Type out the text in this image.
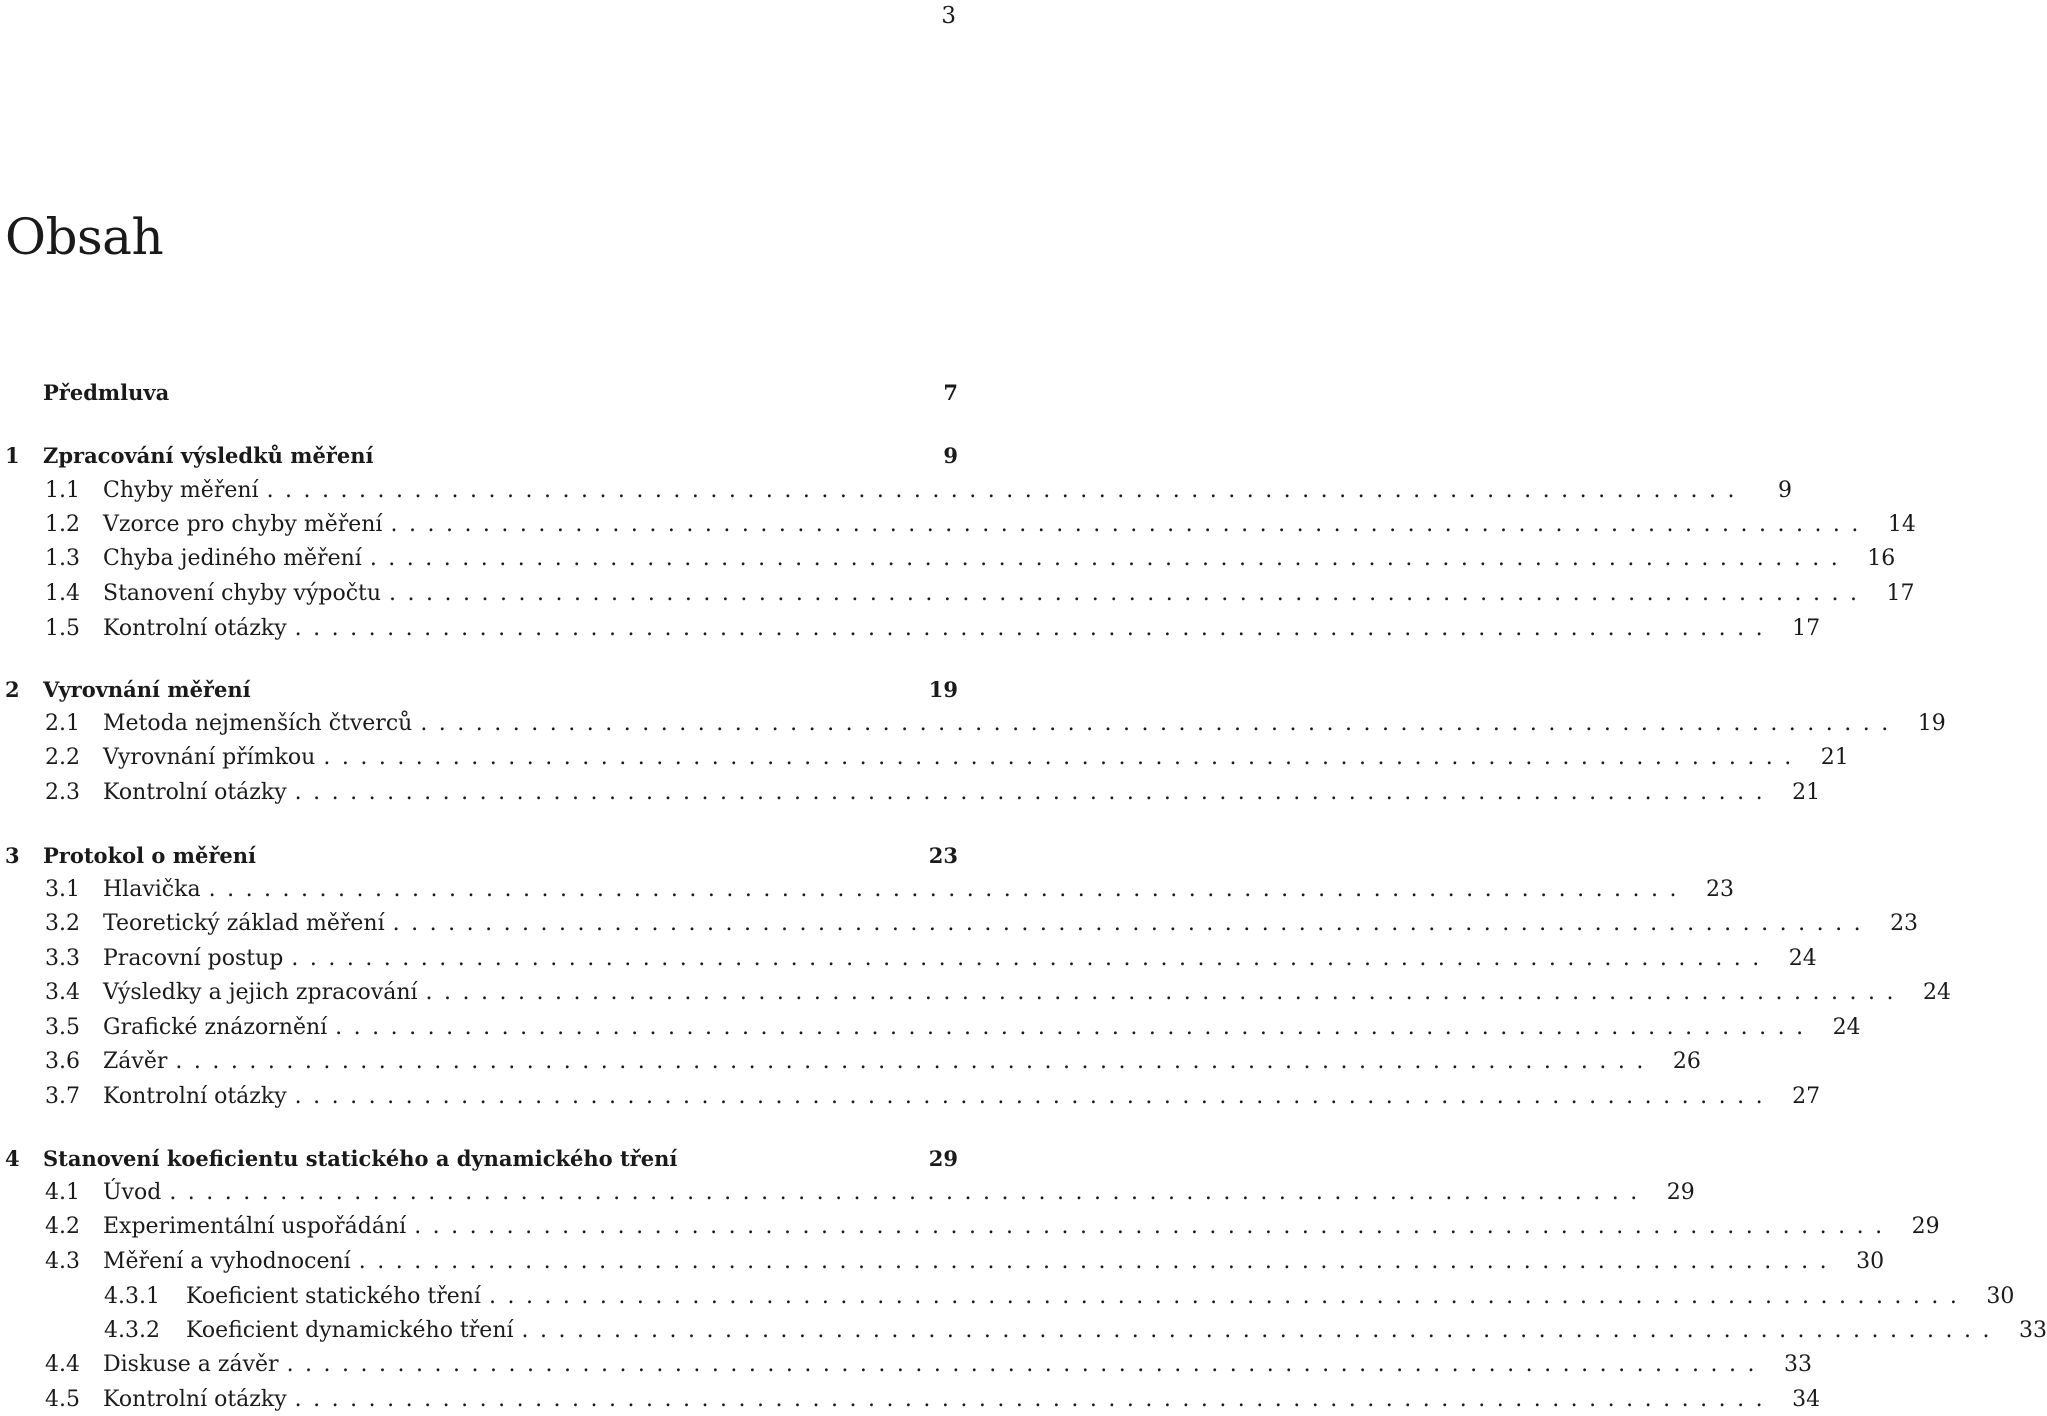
3
Obsah
Předmluva	7
1	Zpracování výsledků měření	9
1.1	Chyby měření ................................................................................	9
1.2	Vzorce pro chyby měření ................................................................................ 14
1.3	Chyba jediného měření ................................................................................ 16
1.4	Stanovení chyby výpočtu ................................................................................ 17
1.5	Kontrolní otázky ................................................................................ 17
2	Vyrovnání měření	19
2.1	Metoda nejmenších čtverců ................................................................................ 19
2.2	Vyrovnání přímkou ................................................................................ 21
2.3	Kontrolní otázky ................................................................................ 21
3	Protokol o měření	23
3.1	Hlavička ................................................................................ 23
3.2	Teoretický základ měření ................................................................................ 23
3.3	Pracovní postup ................................................................................ 24
3.4	Výsledky a jejich zpracování ................................................................................ 24
3.5	Grafické znázornění ................................................................................ 24
3.6	Závěr ................................................................................ 26
3.7	Kontrolní otázky ................................................................................ 27
4	Stanovení koeficientu statického a dynamického tření	29
4.1	Úvod ................................................................................ 29
4.2	Experimentální uspořádání ................................................................................ 29
4.3	Měření a vyhodnocení ................................................................................ 30
4.3.1	Koeficient statického tření ................................................................................ 30
4.3.2	Koeficient dynamického tření ................................................................................ 33
4.4	Diskuse a závěr ................................................................................ 33
4.5	Kontrolní otázky ................................................................................ 34
